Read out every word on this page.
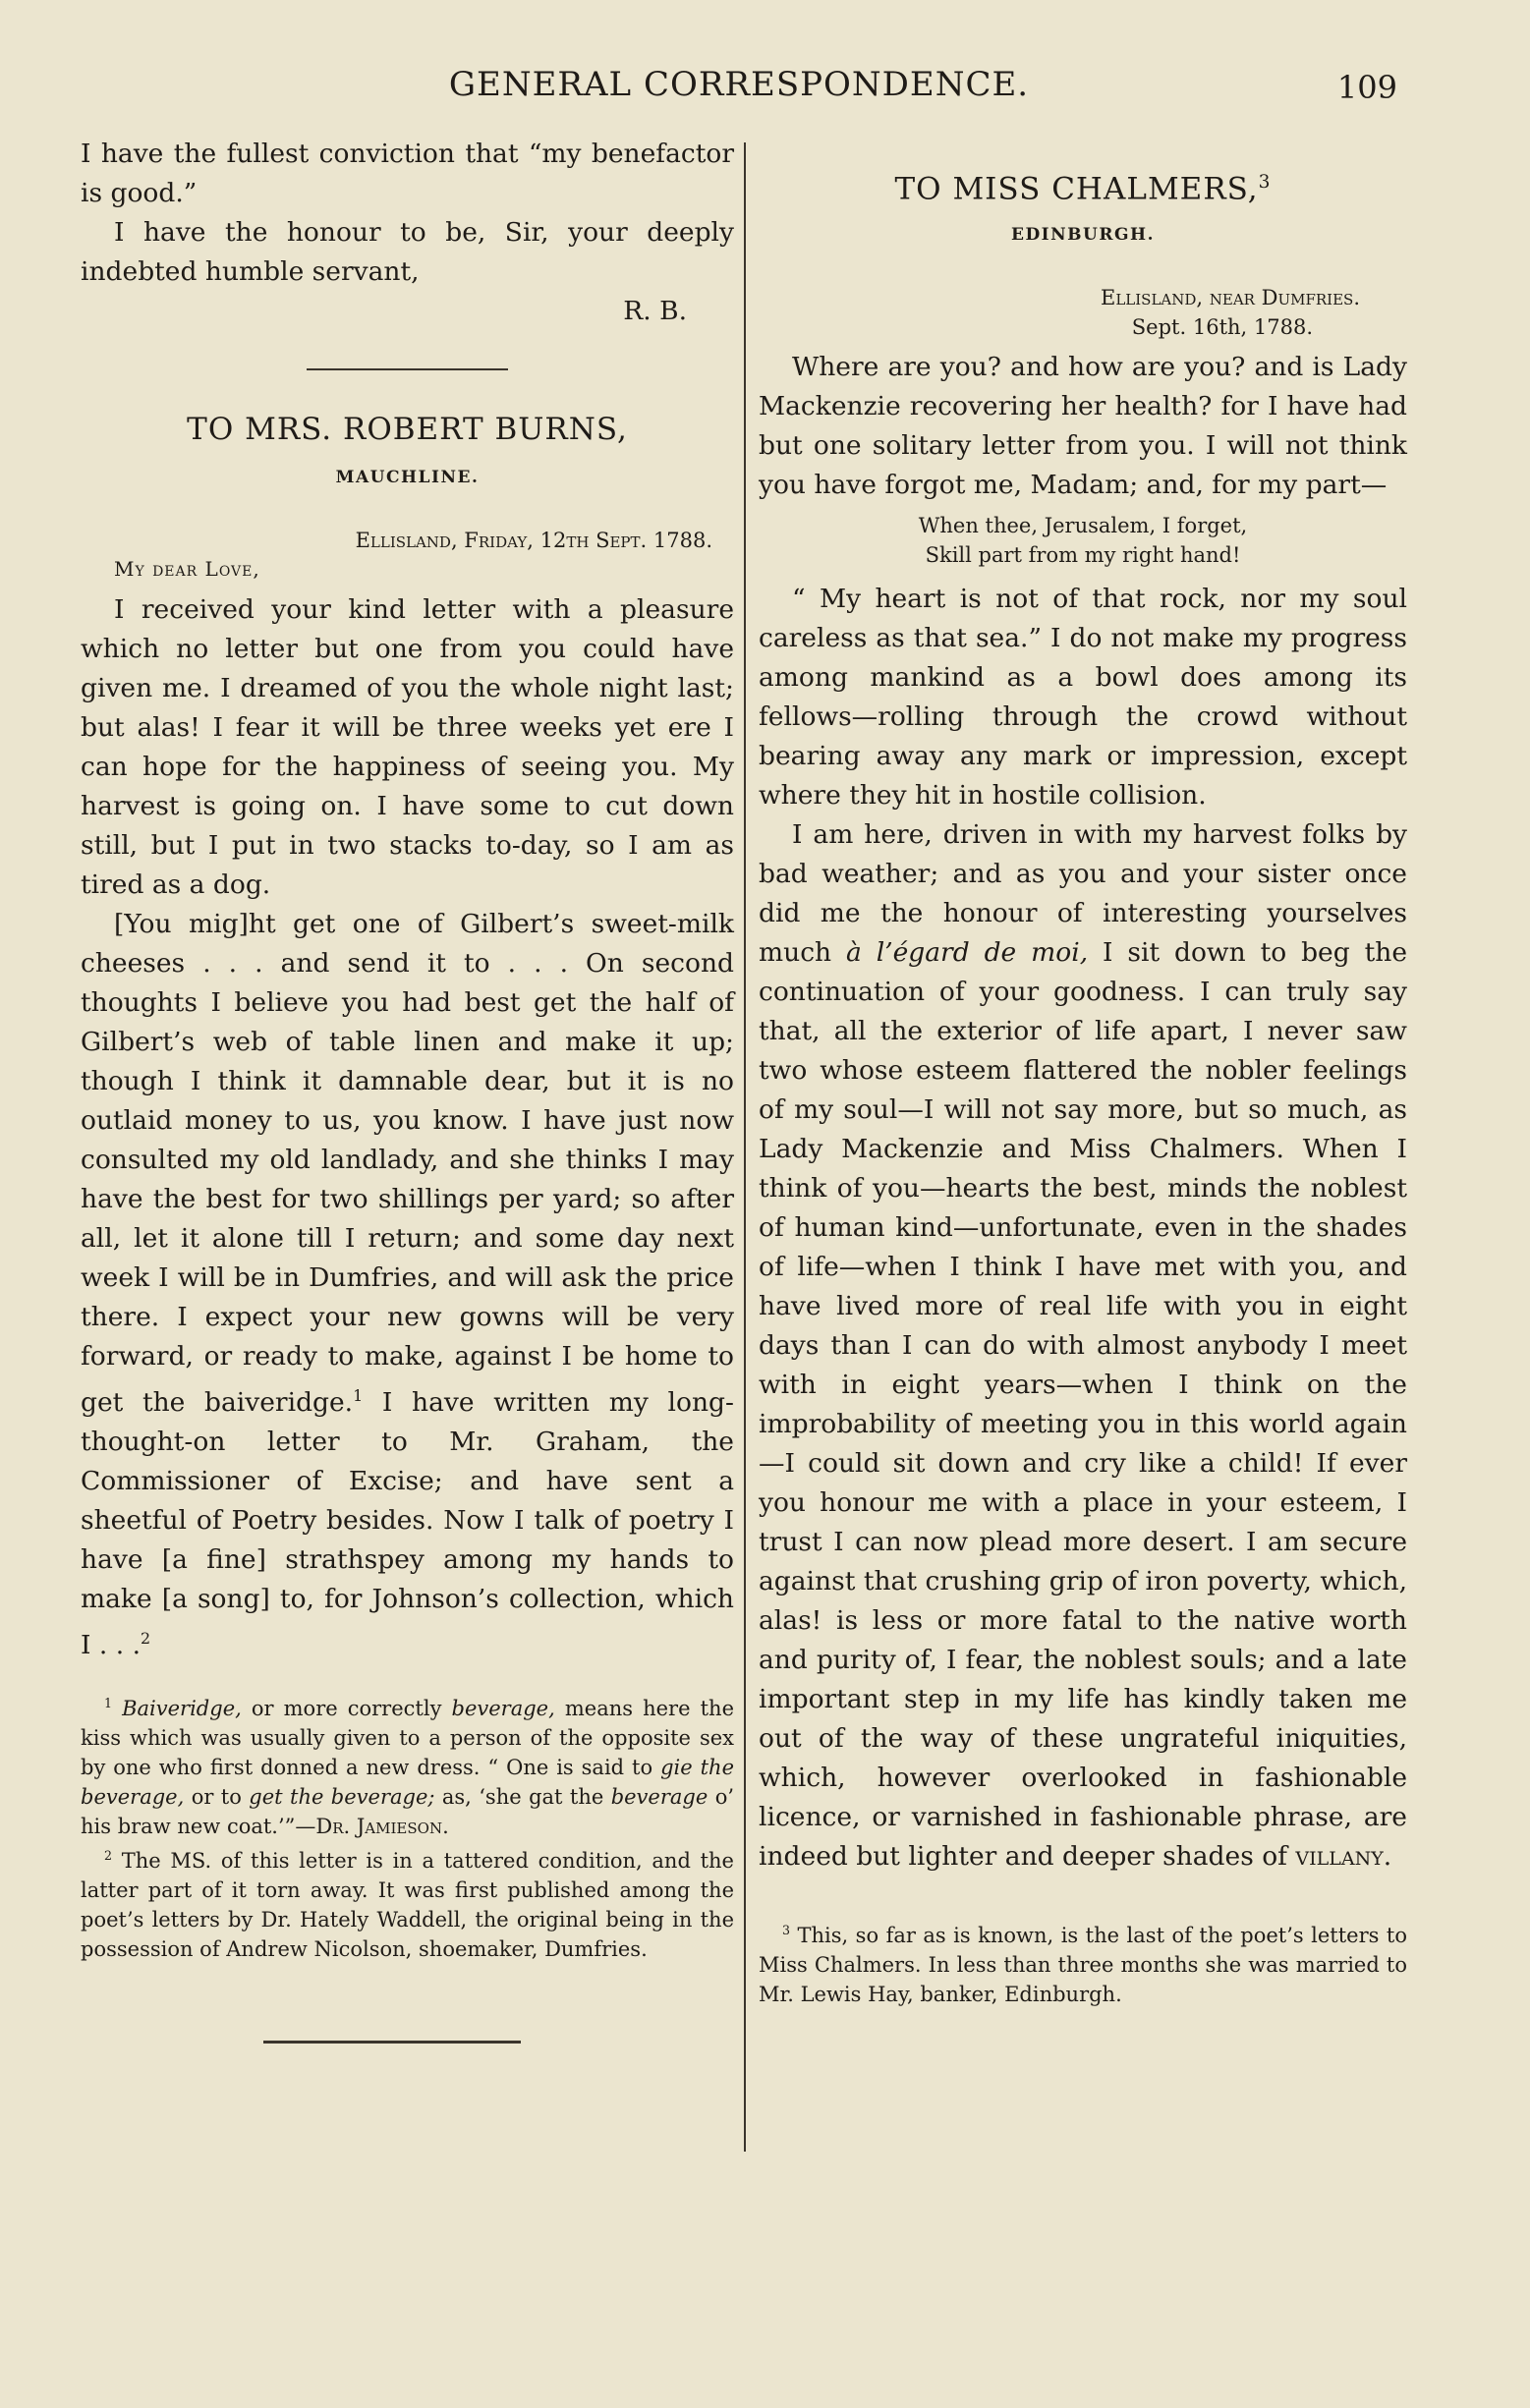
GENERAL CORRESPONDENCE.	109

I have the fullest conviction that “my benefactor is good.”

I have the honour to be, Sir, your deeply indebted humble servant,

R. B.
TO MRS. ROBERT BURNS,
MAUCHLINE.
Ellisland, Friday, 12th Sept. 1788.
My dear Love,

I received your kind letter with a pleasure which no letter but one from you could have given me. I dreamed of you the whole night last; but alas! I fear it will be three weeks yet ere I can hope for the happiness of seeing you. My harvest is going on. I have some to cut down still, but I put in two stacks to-day, so I am as tired as a dog.

[You mig]ht get one of Gilbert’s sweet-milk cheeses . . . and send it to . . . On second thoughts I believe you had best get the half of Gilbert’s web of table linen and make it up; though I think it damnable dear, but it is no outlaid money to us, you know. I have just now consulted my old landlady, and she thinks I may have the best for two shillings per yard; so after all, let it alone till I return; and some day next week I will be in Dumfries, and will ask the price there. I expect your new gowns will be very forward, or ready to make, against I be home to get the baiveridge.$^1$ I have written my long-thought-on letter to Mr. Graham, the Commissioner of Excise; and have sent a sheetful of Poetry besides. Now I talk of poetry I have [a fine] strathspey among my hands to make [a song] to, for Johnson’s collection, which I . . .$^2$

$^1$ Baiveridge, or more correctly beverage, means here the kiss which was usually given to a person of the opposite sex by one who first donned a new dress. “ One is said to gie the beverage, or to get the beverage; as, ‘she gat the beverage o’ his braw new coat.’”—Dr. Jamieson.

$^2$ The MS. of this letter is in a tattered condition, and the latter part of it torn away. It was first published among the poet’s letters by Dr. Hately Waddell, the original being in the possession of Andrew Nicolson, shoemaker, Dumfries.

TO MISS CHALMERS,$^3$
EDINBURGH.
Ellisland, near Dumfries.
Sept. 16th, 1788.

Where are you? and how are you? and is Lady Mackenzie recovering her health? for I have had but one solitary letter from you. I will not think you have forgot me, Madam; and, for my part—

When thee, Jerusalem, I forget,
Skill part from my right hand!

“ My heart is not of that rock, nor my soul careless as that sea.” I do not make my progress among mankind as a bowl does among its fellows—rolling through the crowd without bearing away any mark or impression, except where they hit in hostile collision.

I am here, driven in with my harvest folks by bad weather; and as you and your sister once did me the honour of interesting yourselves much à l’égard de moi, I sit down to beg the continuation of your goodness. I can truly say that, all the exterior of life apart, I never saw two whose esteem flattered the nobler feelings of my soul—I will not say more, but so much, as Lady Mackenzie and Miss Chalmers. When I think of you—hearts the best, minds the noblest of human kind—unfortunate, even in the shades of life—when I think I have met with you, and have lived more of real life with you in eight days than I can do with almost anybody I meet with in eight years—when I think on the improbability of meeting you in this world again—I could sit down and cry like a child! If ever you honour me with a place in your esteem, I trust I can now plead more desert. I am secure against that crushing grip of iron poverty, which, alas! is less or more fatal to the native worth and purity of, I fear, the noblest souls; and a late important step in my life has kindly taken me out of the way of these ungrateful iniquities, which, however overlooked in fashionable licence, or varnished in fashionable phrase, are indeed but lighter and deeper shades of villany.

$^3$ This, so far as is known, is the last of the poet’s letters to Miss Chalmers. In less than three months she was married to Mr. Lewis Hay, banker, Edinburgh.
